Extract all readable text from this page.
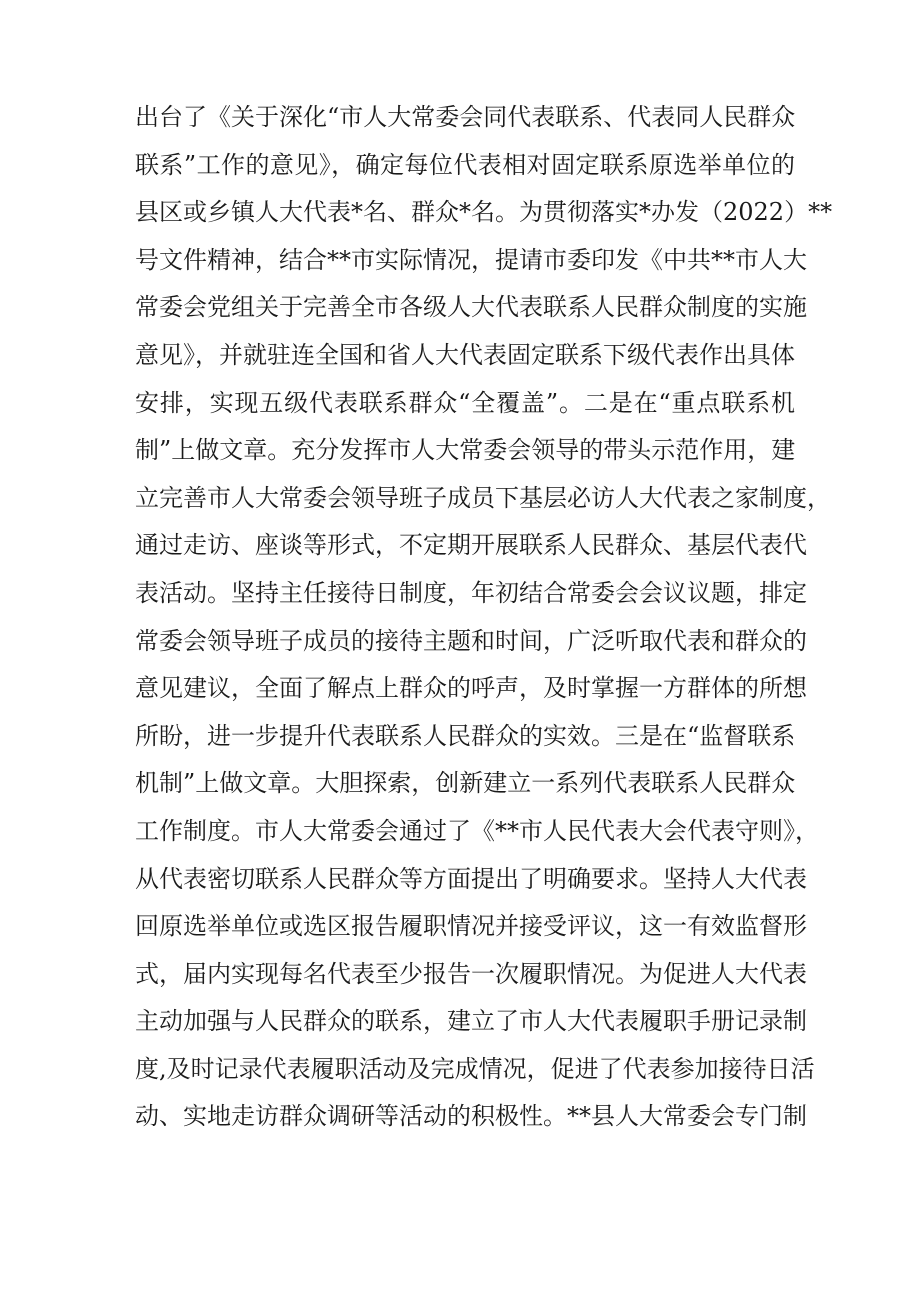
出台了《关于深化“市人大常委会同代表联系、代表同人民群众
联系”工作的意见》，确定每位代表相对固定联系原选举单位的
县区或乡镇人大代表*名、群众*名。为贯彻落实*办发（2022）**
号文件精神，结合**市实际情况，提请市委印发《中共**市人大
常委会党组关于完善全市各级人大代表联系人民群众制度的实施
意见》，并就驻连全国和省人大代表固定联系下级代表作出具体
安排，实现五级代表联系群众“全覆盖”。二是在“重点联系机
制”上做文章。充分发挥市人大常委会领导的带头示范作用，建
立完善市人大常委会领导班子成员下基层必访人大代表之家制度，
通过走访、座谈等形式，不定期开展联系人民群众、基层代表代
表活动。坚持主任接待日制度，年初结合常委会会议议题，排定
常委会领导班子成员的接待主题和时间，广泛听取代表和群众的
意见建议，全面了解点上群众的呼声，及时掌握一方群体的所想
所盼，进一步提升代表联系人民群众的实效。三是在“监督联系
机制”上做文章。大胆探索，创新建立一系列代表联系人民群众
工作制度。市人大常委会通过了《**市人民代表大会代表守则》，
从代表密切联系人民群众等方面提出了明确要求。坚持人大代表
回原选举单位或选区报告履职情况并接受评议，这一有效监督形
式，届内实现每名代表至少报告一次履职情况。为促进人大代表
主动加强与人民群众的联系，建立了市人大代表履职手册记录制
度,及时记录代表履职活动及完成情况，促进了代表参加接待日活
动、实地走访群众调研等活动的积极性。**县人大常委会专门制
